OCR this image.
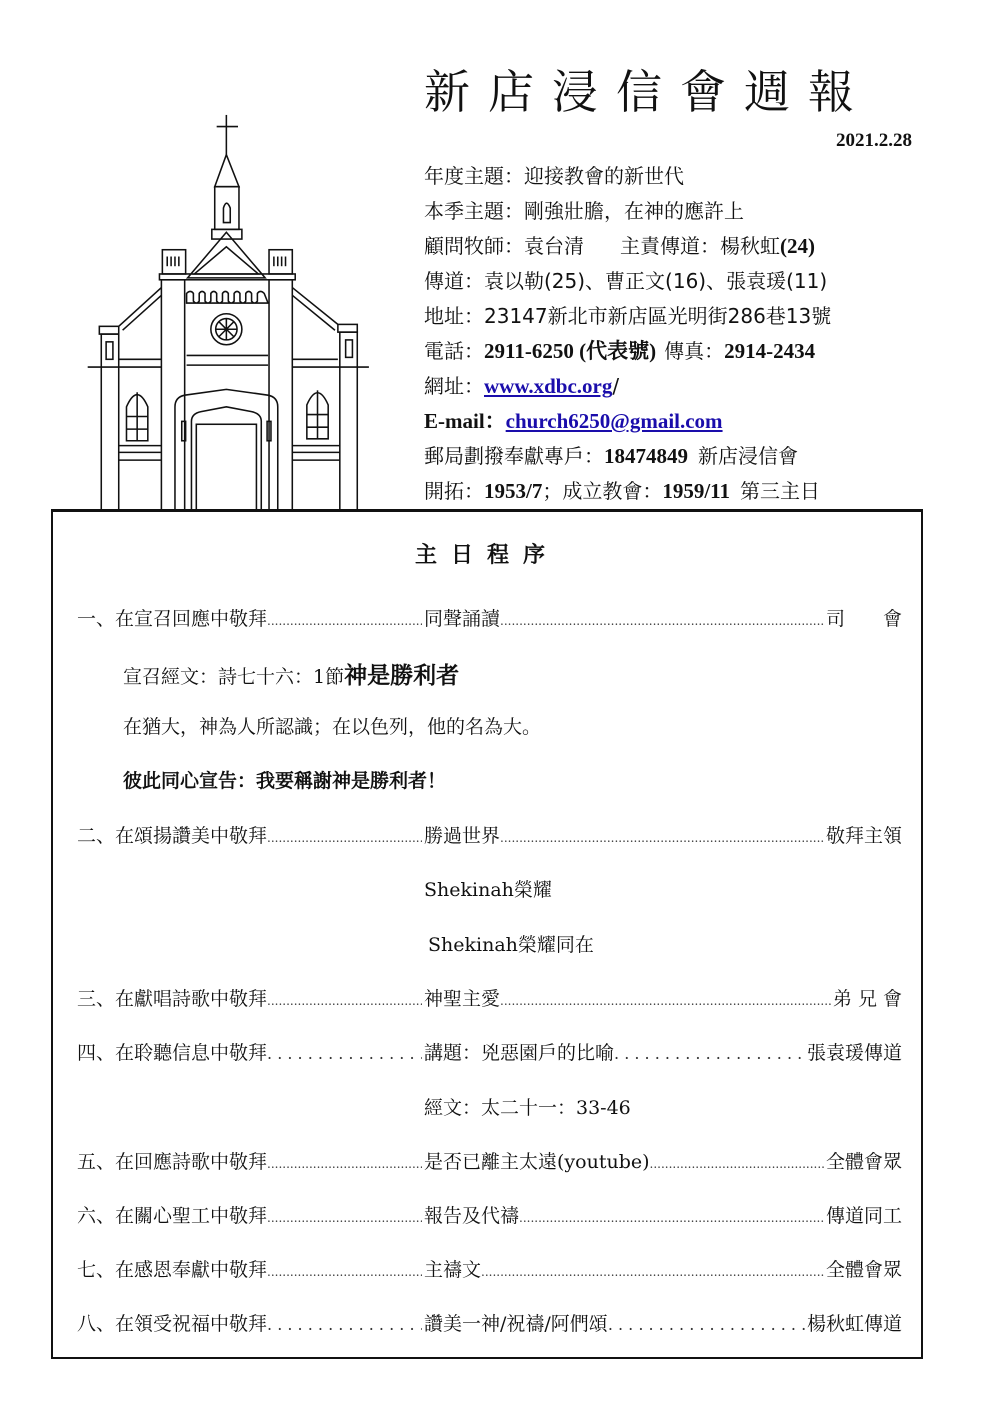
新店浸信會週報
2021.2.28
年度主題：迎接教會的新世代
本季主題：剛強壯膽，在神的應許上
顧問牧師：袁台清 主責傳道：楊秋虹(24)
傳道：袁以勒(25)、曹正文(16)、張袁瑗(11)
地址：23147新北市新店區光明街286巷13號
電話：2911-6250 (代表號) 傳真：2914-2434
網址：www.xdbc.org/
E-mail：church6250@gmail.com
郵局劃撥奉獻專戶：18474849 新店浸信會
開拓：1953/7；成立教會：1959/11 第三主日
主日程序
一、 在宣召回應中敬拜 .....	同聲誦讀 .....	司　　會
宣召經文：詩七十六：1節神是勝利者
在猶大，神為人所認識；在以色列，他的名為大。
彼此同心宣告：我要稱謝神是勝利者！
二、 在頌揚讚美中敬拜 .....	勝過世界 .....	敬拜主領
Shekinah榮耀
Shekinah榮耀同在
三、 在獻唱詩歌中敬拜 .....	神聖主愛 .....	弟 兄 會
四、 在聆聽信息中敬拜 . . .	講題：兇惡園戶的比喻 . . .	張袁瑗傳道
經文：太二十一：33-46
五、 在回應詩歌中敬拜 .....	是否已離主太遠(youtube) .....	全體會眾
六、 在關心聖工中敬拜 .....	報告及代禱 .....	傳道同工
七、 在感恩奉獻中敬拜 .....	主禱文 .....	全體會眾
八、 在領受祝福中敬拜 . . .	讚美一神/祝禱/阿們頌 . . .	楊秋虹傳道
